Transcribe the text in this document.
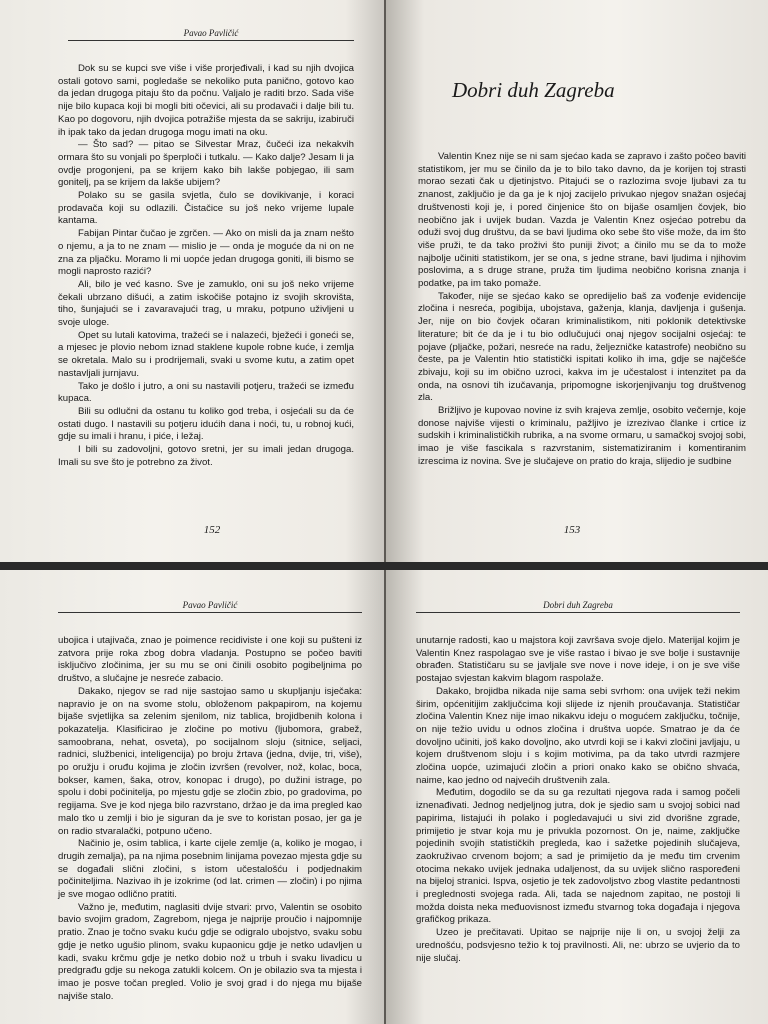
Pavao Pavličić

Dok su se kupci sve više i više prorjeđivali, i kad su njih dvojica ostali gotovo sami, pogledaše se nekoliko puta panično, gotovo kao da jedan drugoga pitaju što da počnu. Valjalo je raditi brzo. Sada više nije bilo kupaca koji bi mogli biti očevici, ali su prodavači i dalje bili tu. Kao po dogovoru, njih dvojica potražiše mjesta da se sakriju, izabiruči ih ipak tako da jedan drugoga mogu imati na oku.

— Što sad? — pitao se Silvestar Mraz, čučeći iza nekakvih ormara što su vonjali po šperploči i tutkalu. — Kako dalje? Jesam li ja ovdje progonjeni, pa se krijem kako bih lakše pobjegao, ili sam gonitelj, pa se krijem da lakše ubijem?

Polako su se gasila svjetla, čulo se dovikivanje, i koraci prodavača koji su odlazili. Čistačice su još neko vrijeme lupale kantama.

Fabijan Pintar čučao je zgrčen. — Ako on misli da ja znam nešto o njemu, a ja to ne znam — mislio je — onda je moguće da ni on ne zna za pljačku. Moramo li mi uopće jedan drugoga goniti, ili bismo se mogli naprosto razići?

Ali, bilo je već kasno. Sve je zamuklo, oni su još neko vrijeme čekali ubrzano dišući, a zatim iskočiše potajno iz svojih skrovišta, tiho, šunjajući se i zavaravajući trag, u mraku, potpuno uživljeni u svoje uloge.

Opet su lutali katovima, tražeći se i nalazeći, bježeći i goneći se, a mjesec je plovio nebom iznad staklene kupole robne kuće, i zemlja se okretala. Malo su i prodrijemali, svaki u svome kutu, a zatim opet nastavljali jurnjavu.

Tako je došlo i jutro, a oni su nastavili potjeru, tražeći se između kupaca.

Bili su odlučni da ostanu tu koliko god treba, i osjećali su da će ostati dugo. I nastavili su potjeru idućih dana i noći, tu, u robnoj kući, gdje su imali i hranu, i piće, i ležaj.

I bili su zadovoljni, gotovo sretni, jer su imali jedan drugoga. Imali su sve što je potrebno za život.

152
Dobri duh Zagreba

Valentin Knez nije se ni sam sjećao kada se zapravo i zašto počeo baviti statistikom, jer mu se činilo da je to bilo tako davno, da je korijen toj strasti morao sezati čak u djetinjstvo. Pitajući se o razlozima svoje ljubavi za tu znanost, zaključio je da ga je k njoj zacijelo privukao njegov snažan osjećaj društvenosti koji je, i pored činjenice što on bijaše osamljen čovjek, bio neobično jak i uvijek budan. Vazda je Valentin Knez osjećao potrebu da oduži svoj dug društvu, da se bavi ljudima oko sebe što više može, da im što više pruži, te da tako proživi što puniji život; a činilo mu se da to može najbolje učiniti statistikom, jer se ona, s jedne strane, bavi ljudima i njihovim poslovima, a s druge strane, pruža tim ljudima neobično korisna znanja i podatke, pa im tako pomaže.

Također, nije se sjećao kako se opredijelio baš za vođenje evidencije zločina i nesreća, pogibija, ubojstava, gaženja, klanja, davljenja i gušenja. Jer, nije on bio čovjek očaran kriminalistikom, niti poklonik detektivske literature; bit će da je i tu bio odlučujući onaj njegov socijalni osjećaj: te pojave (pljačke, požari, nesreće na radu, željezničke katastrofe) neobično su česte, pa je Valentin htio statistički ispitati koliko ih ima, gdje se najčešće zbivaju, koji su im obično uzroci, kakva im je učestalost i intenzitet pa da onda, na osnovi tih izučavanja, pripomogne iskorjenjivanju tog društvenog zla.

Brižljivo je kupovao novine iz svih krajeva zemlje, osobito večernje, koje donose najviše vijesti o kriminalu, pažljivo je izrezivao članke i crtice iz sudskih i kriminalističkih rubrika, a na svome ormaru, u samačkoj svojoj sobi, imao je više fascikala s razvrstanim, sistematiziranim i komentiranim izrescima iz novina. Sve je slučajeve on pratio do kraja, slijedio je sudbine

153
Pavao Pavličić

ubojica i utajivača, znao je poimence recidiviste i one koji su pušteni iz zatvora prije roka zbog dobra vladanja. Postupno se počeo baviti isključivo zločinima, jer su mu se oni činili osobito pogibeljnima po društvo, a slučajne je nesreće zabacio.

Dakako, njegov se rad nije sastojao samo u skupljanju isječaka: napravio je on na svome stolu, obloženom pakpapirom, na kojemu bijaše svjetlijka sa zelenim sjenilom, niz tablica, brojidbenih kolona i pokazatelja. Klasificirao je zločine po motivu (ljubomora, grabež, samoobrana, nehat, osveta), po socijalnom sloju (sitnice, seljaci, radnici, službenici, inteligencija) po broju žrtava (jedna, dvije, tri, više), po oružju i oruđu kojima je zločin izvršen (revolver, nož, kolac, boca, bokser, kamen, šaka, otrov, konopac i drugo), po dužini istrage, po spolu i dobi počinitelja, po mjestu gdje se zločin zbio, po gradovima, po regijama. Sve je kod njega bilo razvrstano, držao je da ima pregled kao malo tko u zemlji i bio je siguran da je sve to koristan posao, jer ga je on radio stvaralački, potpuno učeno.

Načinio je, osim tablica, i karte cijele zemlje (a, koliko je mogao, i drugih zemalja), pa na njima posebnim linijama povezao mjesta gdje su se događali slični zločini, s istom učestalošću i podjednakim počiniteljima. Nazivao ih je izokrime (od lat. crimen — zločin) i po njima je sve mogao odlično pratiti.

Važno je, međutim, naglasiti dvije stvari: prvo, Valentin se osobito bavio svojim gradom, Zagrebom, njega je najprije proučio i najpomnije pratio. Znao je točno svaku kuću gdje se odigralo ubojstvo, svaku sobu gdje je netko ugušio plinom, svaku kupaonicu gdje je netko udavljen u kadi, svaku krčmu gdje je netko dobio nož u trbuh i svaku livadicu u predgrađu gdje su nekoga zatukli kolcem. On je obilazio sva ta mjesta i imao je posve točan pregled. Volio je svoj grad i do njega mu bijaše najviše stalo.

Dobri duh Zagreba

unutarnje radosti, kao u majstora koji završava svoje djelo. Materijal kojim je Valentin Knez raspolagao sve je više rastao i bivao je sve bolje i sustavnije obrađen. Statističaru su se javljale sve nove i nove ideje, i on je sve više postajao svjestan kakvim blagom raspolaže.

Dakako, brojidba nikada nije sama sebi svrhom: ona uvijek teži nekim širim, općenitijim zaključcima koji slijede iz njenih proučavanja. Statističar zločina Valentin Knez nije imao nikakvu ideju o mogućem zaključku, točnije, on nije težio uvidu u odnos zločina i društva uopće. Smatrao je da će dovoljno učiniti, još kako dovoljno, ako utvrdi koji se i kakvi zločini javljaju, u kojem društvenom sloju i s kojim motivima, pa da tako utvrdi razmjere zločina uopće, uzimajući zločin a priori onako kako se obično shvaća, naime, kao jedno od najvećih društvenih zala.

Međutim, dogodilo se da su ga rezultati njegova rada i samog počeli iznenađivati. Jednog nedjeljnog jutra, dok je sjedio sam u svojoj sobici nad papirima, listajući ih polako i pogledavajući u sivi zid dvorišne zgrade, primijetio je stvar koja mu je privukla pozornost. On je, naime, zaključke pojedinih svojih statističkih pregleda, kao i sažetke pojedinih slučajeva, zaokruživao crvenom bojom; a sad je primijetio da je među tim crvenim otocima nekako uvijek jednaka udaljenost, da su uvijek slično raspoređeni na bijeloj stranici. Ispva, osjetio je tek zadovoljstvo zbog vlastite pedantnosti i preglednosti svojega rada. Ali, tada se najednom zapitao, ne postoji li možda doista neka međuovisnost između stvarnog toka događaja i njegova grafičkog prikaza.

Uzeo je prečitavati. Upitao se najprije nije li on, u svojoj želji za urednošću, podsvjesno težio k toj pravilnosti. Ali, ne: ubrzo se uvjerio da to nije slučaj.
